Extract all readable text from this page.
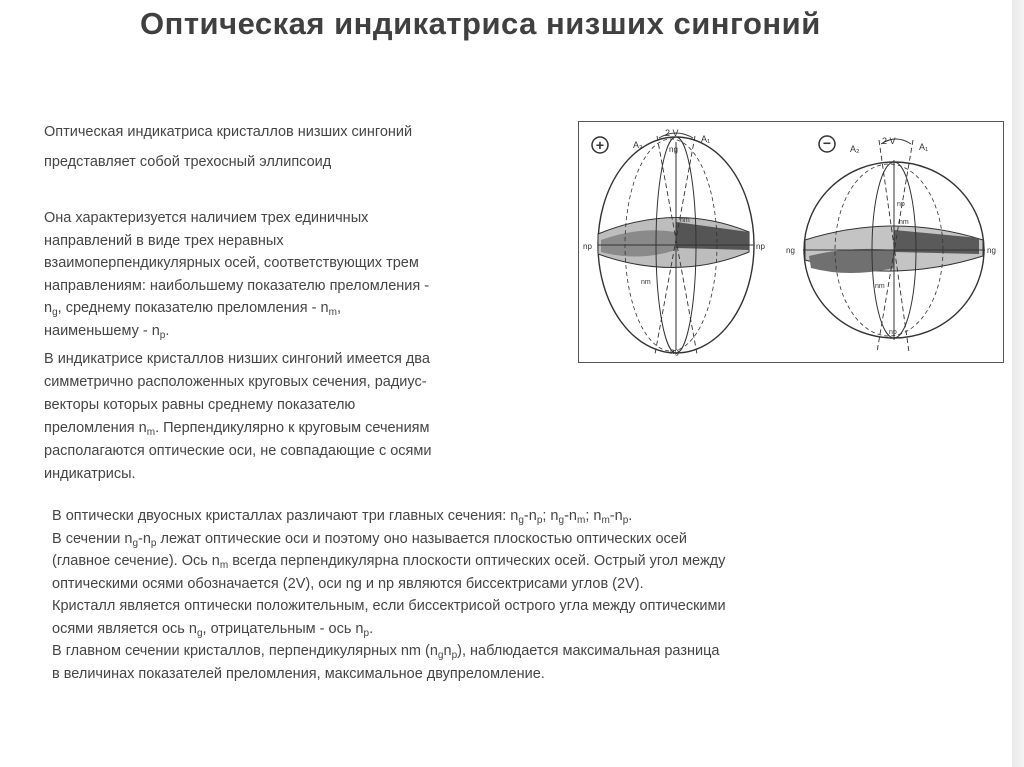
Оптическая индикатриса низших сингоний

Оптическая индикатриса кристаллов низших сингоний

представляет собой трехосный эллипсоид

Она характеризуется наличием трех единичных

направлений в виде трех неравных

взаимоперпендикулярных осей, соответствующих трем

направлениям: наибольшему показателю преломления -

$n_g$, среднему показателю преломления - $n_m$,

наименьшему - $n_p$.

В индикатрисе кристаллов низших сингоний имеется два

симметрично расположенных круговых сечения, радиус-

векторы которых равны среднему показателю

преломления $n_m$. Перпендикулярно к круговым сечениям

располагаются оптические оси, не совпадающие с осями

индикатрисы.

+	A₂
2 V
A₁
ng
ng
nm
nm
np	np
− A₂
2 V
A₁
np
np
nm
nm
ng	ng

В оптически двуосных кристаллах различают три главных сечения: $n_g-n_p$; $n_g-n_m$; $n_m-n_p$.

В сечении $n_g-n_p$ лежат оптические оси и поэтому оно называется плоскостью оптических осей

(главное сечение). Ось $n_m$ всегда перпендикулярна плоскости оптических осей. Острый угол между

оптическими осями обозначается (2V), оси ng и np являются биссектрисами углов (2V).

Кристалл является оптически положительным, если биссектрисой острого угла между оптическими

осями является ось $n_g$, отрицательным - ось $n_p$.

В главном сечении кристаллов, перпендикулярных nm $(n_gn_p)$, наблюдается максимальная разница

в величинах показателей преломления, максимальное двупреломление.
